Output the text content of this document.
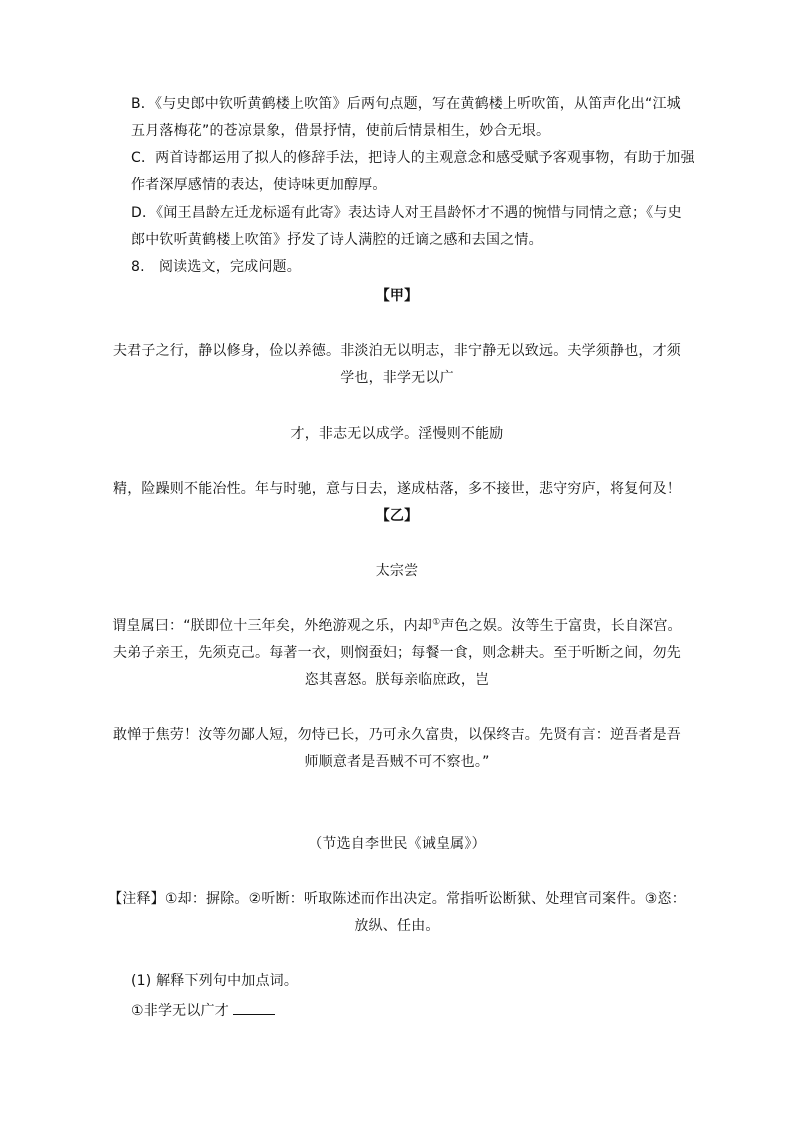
B．《与史郎中钦听黄鹤楼上吹笛》后两句点题，写在黄鹤楼上听吹笛，从笛声化出“江城
五月落梅花”的苍凉景象，借景抒情，使前后情景相生，妙合无垠。
C．两首诗都运用了拟人的修辞手法，把诗人的主观意念和感受赋予客观事物，有助于加强
作者深厚感情的表达，使诗味更加醇厚。
D．《闻王昌龄左迁龙标遥有此寄》表达诗人对王昌龄怀才不遇的惋惜与同情之意；《与史
郎中钦听黄鹤楼上吹笛》抒发了诗人满腔的迁谪之感和去国之情。
8.　阅读选文，完成问题。
【甲】
夫君子之行，静以修身，俭以养德。非淡泊无以明志，非宁静无以致远。夫学须静也，才须
学也，非学无以广
才，非志无以成学。淫慢则不能励
精，险躁则不能冶性。年与时驰，意与日去，遂成枯落，多不接世，悲守穷庐，将复何及！
【乙】
太宗尝
谓皇属曰：“朕即位十三年矣，外绝游观之乐，内却①声色之娱。汝等生于富贵，长自深宫。
夫弟子亲王，先须克己。每著一衣，则悯蚕妇；每餐一食，则念耕夫。至于听断之间，勿先
恣其喜怒。朕每亲临庶政，岂
敢惮于焦劳！汝等勿鄙人短，勿恃已长，乃可永久富贵，以保终吉。先贤有言：逆吾者是吾
师顺意者是吾贼不可不察也。”
（节选自李世民《诫皇属》）
【注释】①却：摒除。②听断：听取陈述而作出决定。常指听讼断狱、处理官司案件。③恣：
放纵、任由。
(1) 解释下列句中加点词。
①非学无以广才
